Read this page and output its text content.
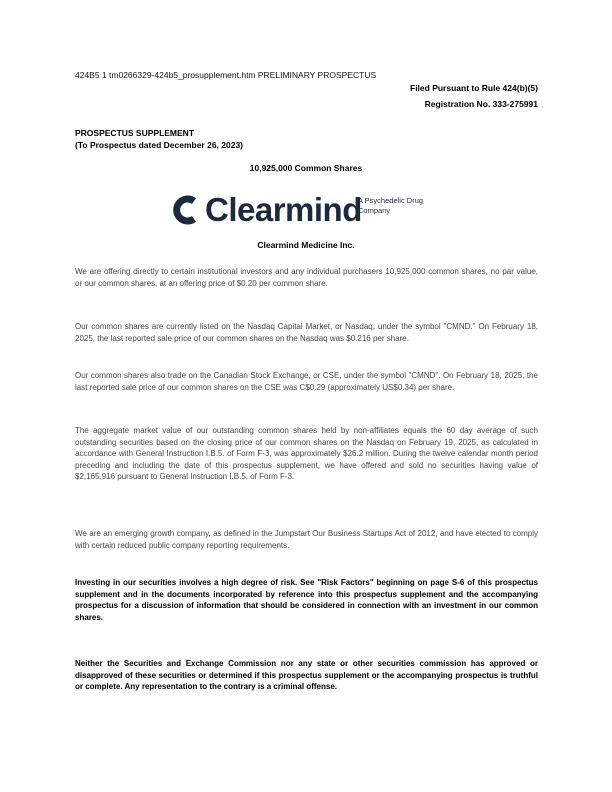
424B5 1 tm0266329-424b5_prosupplement.htm PRELIMINARY PROSPECTUS
Filed Pursuant to Rule 424(b)(5)
Registration No. 333-275991
PROSPECTUS SUPPLEMENT
(To Prospectus dated December 26, 2023)
10,925,000 Common Shares
Clearmind
A Psychedelic Drug Company
Clearmind Medicine Inc.
We are offering directly to certain institutional investors and any individual purchasers 10,925,000 common shares, no par value, or our common shares, at an offering price of $0.20 per common share.
Our common shares are currently listed on the Nasdaq Capital Market, or Nasdaq, under the symbol "CMND." On February 18, 2025, the last reported sale price of our common shares on the Nasdaq was $0.216 per share.
Our common shares also trade on the Canadian Stock Exchange, or CSE, under the symbol "CMND". On February 18, 2025, the last reported sale price of our common shares on the CSE was C$0.29 (approximately US$0.34) per share.
The aggregate market value of our outstanding common shares held by non-affiliates equals the 60 day average of such outstanding securities based on the closing price of our common shares on the Nasdaq on February 19, 2025, as calculated in accordance with General Instruction I.B.5. of Form F-3, was approximately $26.2 million. During the twelve calendar month period preceding and including the date of this prospectus supplement, we have offered and sold no securities having value of $2,165,916 pursuant to General Instruction I.B.5. of Form F-3.
We are an emerging growth company, as defined in the Jumpstart Our Business Startups Act of 2012, and have elected to comply with certain reduced public company reporting requirements.
Investing in our securities involves a high degree of risk. See "Risk Factors" beginning on page S-6 of this prospectus supplement and in the documents incorporated by reference into this prospectus supplement and the accompanying prospectus for a discussion of information that should be considered in connection with an investment in our common shares.
Neither the Securities and Exchange Commission nor any state or other securities commission has approved or disapproved of these securities or determined if this prospectus supplement or the accompanying prospectus is truthful or complete. Any representation to the contrary is a criminal offense.
